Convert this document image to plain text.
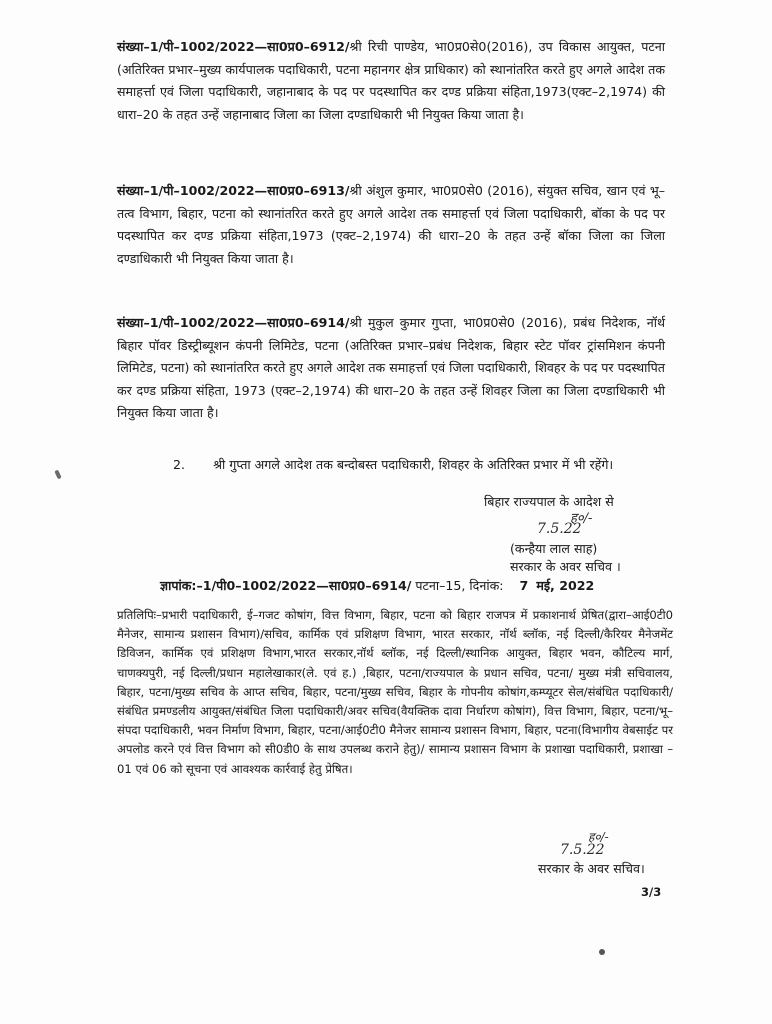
संख्या–1/पी–1002/2022—सा0प्र0–6912/श्री रिची पाण्डेय, भा0प्र0से0(2016), उप विकास आयुक्त, पटना (अतिरिक्त प्रभार–मुख्य कार्यपालक पदाधिकारी, पटना महानगर क्षेत्र प्राधिकार) को स्थानांतरित करते हुए अगले आदेश तक समाहर्त्ता एवं जिला पदाधिकारी, जहानाबाद के पद पर पदस्थापित कर दण्ड प्रक्रिया संहिता,1973(एक्ट–2,1974) की धारा–20 के तहत उन्हें जहानाबाद जिला का जिला दण्डाधिकारी भी नियुक्त किया जाता है।

संख्या–1/पी–1002/2022—सा0प्र0–6913/श्री अंशुल कुमार, भा0प्र0से0 (2016), संयुक्त सचिव, खान एवं भू–तत्व विभाग, बिहार, पटना को स्थानांतरित करते हुए अगले आदेश तक समाहर्त्ता एवं जिला पदाधिकारी, बॉका के पद पर पदस्थापित कर दण्ड प्रक्रिया संहिता,1973 (एक्ट–2,1974) की धारा–20 के तहत उन्हें बॉका जिला का जिला दण्डाधिकारी भी नियुक्त किया जाता है।

संख्या–1/पी–1002/2022—सा0प्र0–6914/श्री मुकुल कुमार गुप्ता, भा0प्र0से0 (2016), प्रबंध निदेशक, नॉर्थ बिहार पॉवर डिस्ट्रीब्यूशन कंपनी लिमिटेड, पटना (अतिरिक्त प्रभार–प्रबंध निदेशक, बिहार स्टेट पॉवर ट्रांसमिशन कंपनी लिमिटेड, पटना) को स्थानांतरित करते हुए अगले आदेश तक समाहर्त्ता एवं जिला पदाधिकारी, शिवहर के पद पर पदस्थापित कर दण्ड प्रक्रिया संहिता, 1973 (एक्ट–2,1974) की धारा–20 के तहत उन्हें शिवहर जिला का जिला दण्डाधिकारी भी नियुक्त किया जाता है।

2. श्री गुप्ता अगले आदेश तक बन्दोबस्त पदाधिकारी, शिवहर के अतिरिक्त प्रभार में भी रहेंगे।

बिहार राज्यपाल के आदेश से
ह०/-
7.5.22
(कन्हैया लाल साह)
सरकार के अवर सचिव ।
ज्ञापांक:–1/पी0–1002/2022—सा0प्र0–6914/ पटना–15, दिनांक: 7 मई, 2022

प्रतिलिपिः–प्रभारी पदाधिकारी, ई–गजट कोषांग, वित्त विभाग, बिहार, पटना को बिहार राजपत्र में प्रकाशनार्थ प्रेषित(द्वारा–आई0टी0 मैनेजर, सामान्य प्रशासन विभाग)/सचिव, कार्मिक एवं प्रशिक्षण विभाग, भारत सरकार, नॉर्थ ब्लॉक, नई दिल्ली/कैरियर मैनेजमेंट डिविजन, कार्मिक एवं प्रशिक्षण विभाग,भारत सरकार,नॉर्थ ब्लॉक, नई दिल्ली/स्थानिक आयुक्त, बिहार भवन, कौटिल्य मार्ग, चाणक्यपुरी, नई दिल्ली/प्रधान महालेखाकार(ले. एवं ह.) ,बिहार, पटना/राज्यपाल के प्रधान सचिव, पटना/ मुख्य मंत्री सचिवालय, बिहार, पटना/मुख्य सचिव के आप्त सचिव, बिहार, पटना/मुख्य सचिव, बिहार के गोपनीय कोषांग,कम्प्यूटर सेल/संबंधित पदाधिकारी/संबंधित प्रमण्डलीय आयुक्त/संबंधित जिला पदाधिकारी/अवर सचिव(वैयक्तिक दावा निर्धारण कोषांग), वित्त विभाग, बिहार, पटना/भू–संपदा पदाधिकारी, भवन निर्माण विभाग, बिहार, पटना/आई0टी0 मैनेजर सामान्य प्रशासन विभाग, बिहार, पटना(विभागीय वेबसाईट पर अपलोड करने एवं वित्त विभाग को सी0डी0 के साथ उपलब्ध कराने हेतु)/ सामान्य प्रशासन विभाग के प्रशाखा पदाधिकारी, प्रशाखा –01 एवं 06 को सूचना एवं आवश्यक कार्रवाई हेतु प्रेषित।

ह०/-
7.5.22
सरकार के अवर सचिव।
3/3
